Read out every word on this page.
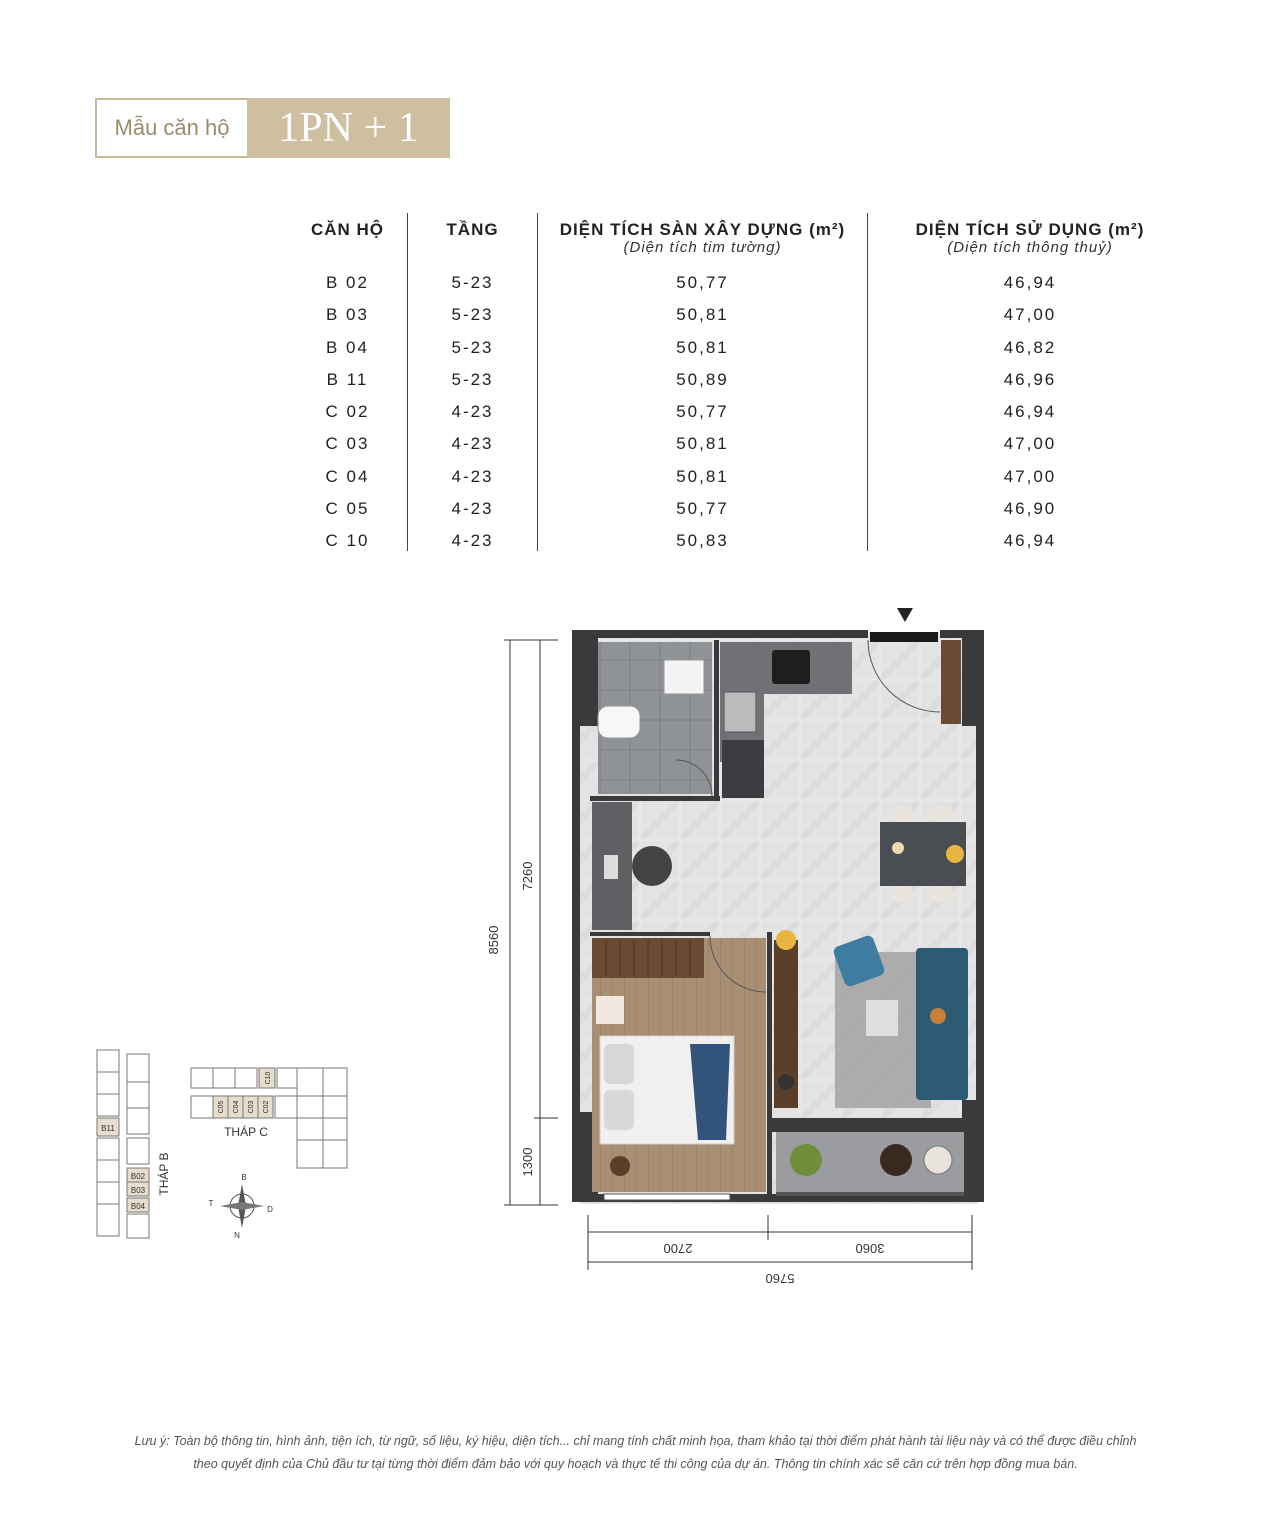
Mẫu căn hộ	1PN + 1
CĂN HỘ
B 02
B 03
B 04
B 11
C 02
C 03
C 04
C 05
C 10
TẦNG
5-23
5-23
5-23
5-23
4-23
4-23
4-23
4-23
4-23
DIỆN TÍCH SÀN XÂY DỰNG (m²)
(Diện tích tim tường)
50,77
50,81
50,81
50,89
50,77
50,81
50,81
50,77
50,83
DIỆN TÍCH SỬ DỤNG (m²)
(Diện tích thông thuỷ)
46,94
47,00
46,82
46,96
46,94
47,00
47,00
46,90
46,94
8560
7260
1300
2700	3060
5760
B11
B02
B03
B04
THÁP B
C05 C04 C03 C02
C10
THÁP C
B
N
T
D
Lưu ý: Toàn bộ thông tin, hình ảnh, tiện ích, từ ngữ, số liệu, ký hiệu, diện tích... chỉ mang tính chất minh họa, tham khảo tại thời điểm phát hành tài liệu này và có thể được điều chỉnh
theo quyết định của Chủ đầu tư tại từng thời điểm đảm bảo với quy hoạch và thực tế thi công của dự án. Thông tin chính xác sẽ căn cứ trên hợp đồng mua bán.
